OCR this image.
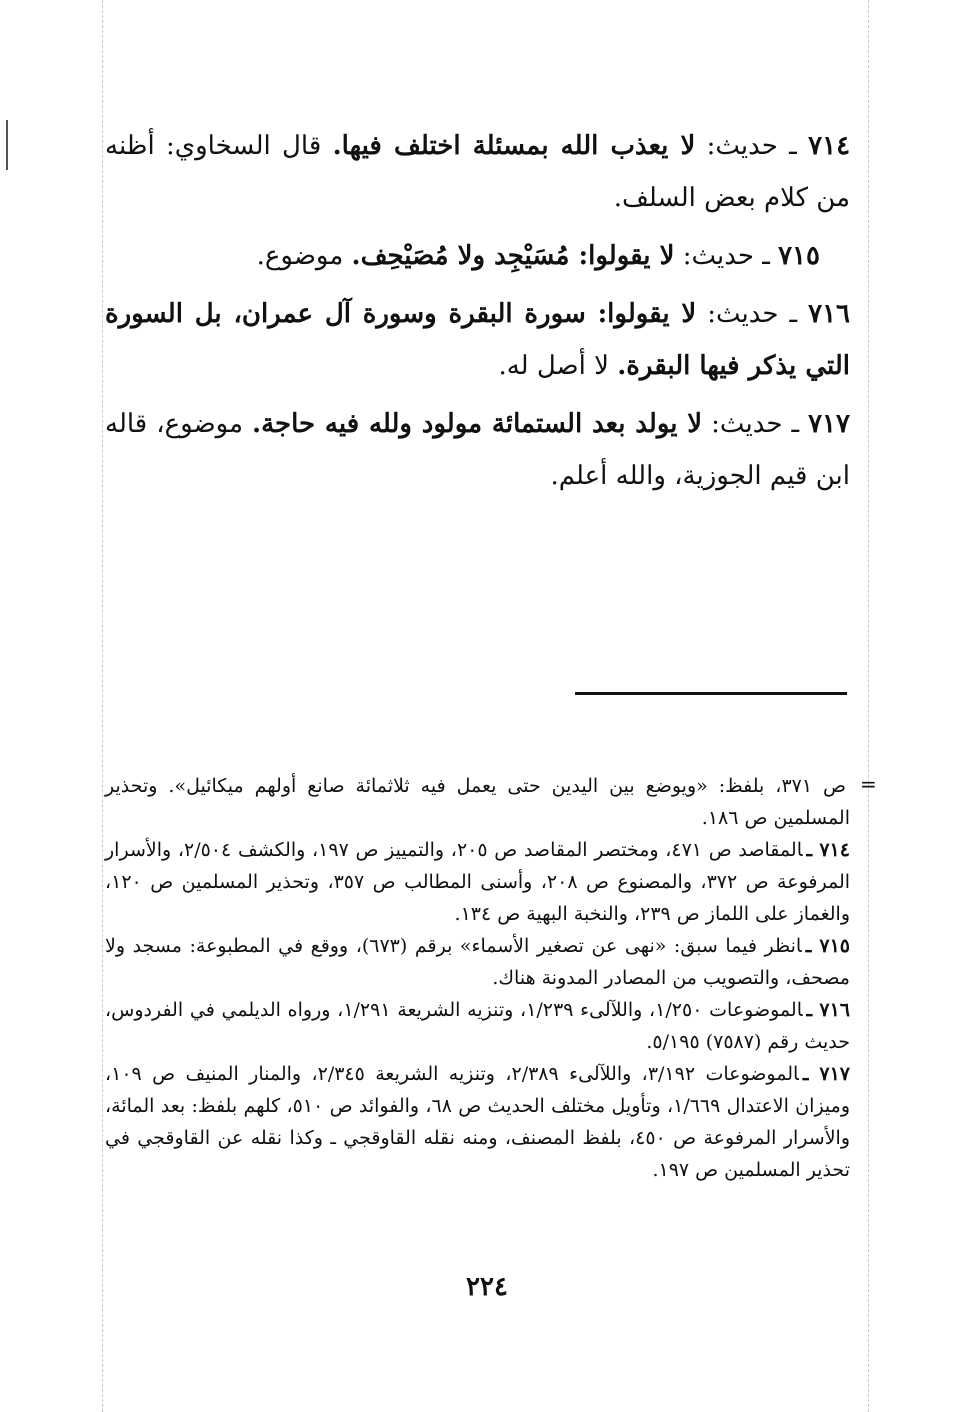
٧١٤ ـ حديث: لا يعذب الله بمسئلة اختلف فيها. قال السخاوي: أظنه من كلام بعض السلف.

٧١٥ ـ حديث: لا يقولوا: مُسَيْجِد ولا مُصَيْحِف. موضوع.

٧١٦ ـ حديث: لا يقولوا: سورة البقرة وسورة آل عمران، بل السورة التي يذكر فيها البقرة. لا أصل له.

٧١٧ ـ حديث: لا يولد بعد الستمائة مولود ولله فيه حاجة. موضوع، قاله ابن قيم الجوزية، والله أعلم.

=

ص ٣٧١، بلفظ: «ويوضع بين اليدين حتى يعمل فيه ثلاثمائة صانع أولهم ميكائيل». وتحذير المسلمين ص ١٨٦.

٧١٤ ـالمقاصد ص ٤٧١، ومختصر المقاصد ص ٢٠٥، والتمييز ص ١٩٧، والكشف ٢/٥٠٤، والأسرار المرفوعة ص ٣٧٢، والمصنوع ص ٢٠٨، وأسنى المطالب ص ٣٥٧، وتحذير المسلمين ص ١٢٠، والغماز على اللماز ص ٢٣٩، والنخبة البهية ص ١٣٤.

٧١٥ ـانظر فيما سبق: «نهى عن تصغير الأسماء» برقم (٦٧٣)، ووقع في المطبوعة: مسجد ولا مصحف، والتصويب من المصادر المدونة هناك.

٧١٦ ـالموضوعات ١/٢٥٠، واللآلىء ١/٢٣٩، وتنزيه الشريعة ١/٢٩١، ورواه الديلمي في الفردوس، حديث رقم (٧٥٨٧) ٥/١٩٥.

٧١٧ ـالموضوعات ٣/١٩٢، واللآلىء ٢/٣٨٩، وتنزيه الشريعة ٢/٣٤٥، والمنار المنيف ص ١٠٩، وميزان الاعتدال ١/٦٦٩، وتأويل مختلف الحديث ص ٦٨، والفوائد ص ٥١٠، كلهم بلفظ: بعد المائة، والأسرار المرفوعة ص ٤٥٠، بلفظ المصنف، ومنه نقله القاوقجي ـ وكذا نقله عن القاوقجي في تحذير المسلمين ص ١٩٧.

٢٢٤
